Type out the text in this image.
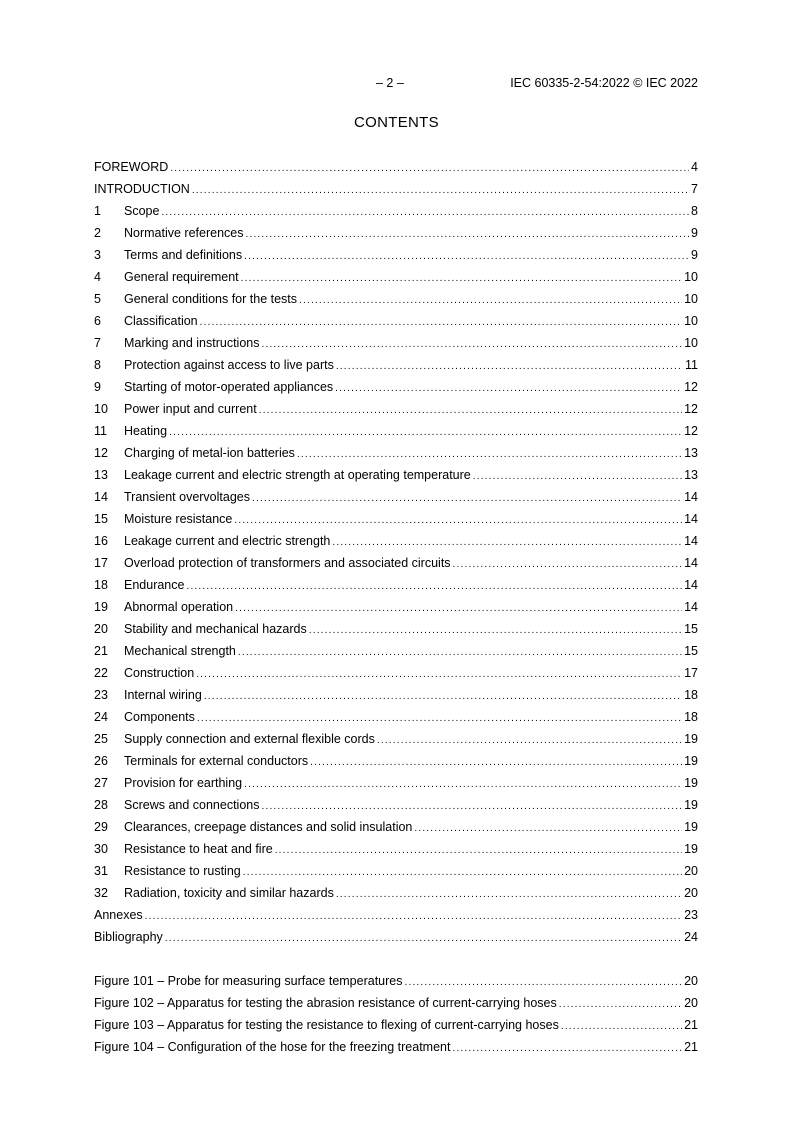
– 2 –	IEC 60335-2-54:2022 © IEC 2022
CONTENTS
FOREWORD .....	4
INTRODUCTION .....	7
1	Scope .....	8
2	Normative references .....	9
3	Terms and definitions .....	9
4	General requirement .....	10
5	General conditions for the tests .....	10
6	Classification .....	10
7	Marking and instructions .....	10
8	Protection against access to live parts .....	11
9	Starting of motor-operated appliances .....	12
10	Power input and current .....	12
11	Heating .....	12
12	Charging of metal-ion batteries .....	13
13	Leakage current and electric strength at operating temperature .....	13
14	Transient overvoltages .....	14
15	Moisture resistance .....	14
16	Leakage current and electric strength .....	14
17	Overload protection of transformers and associated circuits .....	14
18	Endurance .....	14
19	Abnormal operation .....	14
20	Stability and mechanical hazards .....	15
21	Mechanical strength .....	15
22	Construction .....	17
23	Internal wiring .....	18
24	Components .....	18
25	Supply connection and external flexible cords .....	19
26	Terminals for external conductors .....	19
27	Provision for earthing .....	19
28	Screws and connections .....	19
29	Clearances, creepage distances and solid insulation .....	19
30	Resistance to heat and fire .....	19
31	Resistance to rusting .....	20
32	Radiation, toxicity and similar hazards .....	20
Annexes .....	23
Bibliography .....	24
Figure 101 – Probe for measuring surface temperatures .....	20
Figure 102 – Apparatus for testing the abrasion resistance of current-carrying hoses .....	20
Figure 103 – Apparatus for testing the resistance to flexing of current-carrying hoses .....	21
Figure 104 – Configuration of the hose for the freezing treatment .....	21
